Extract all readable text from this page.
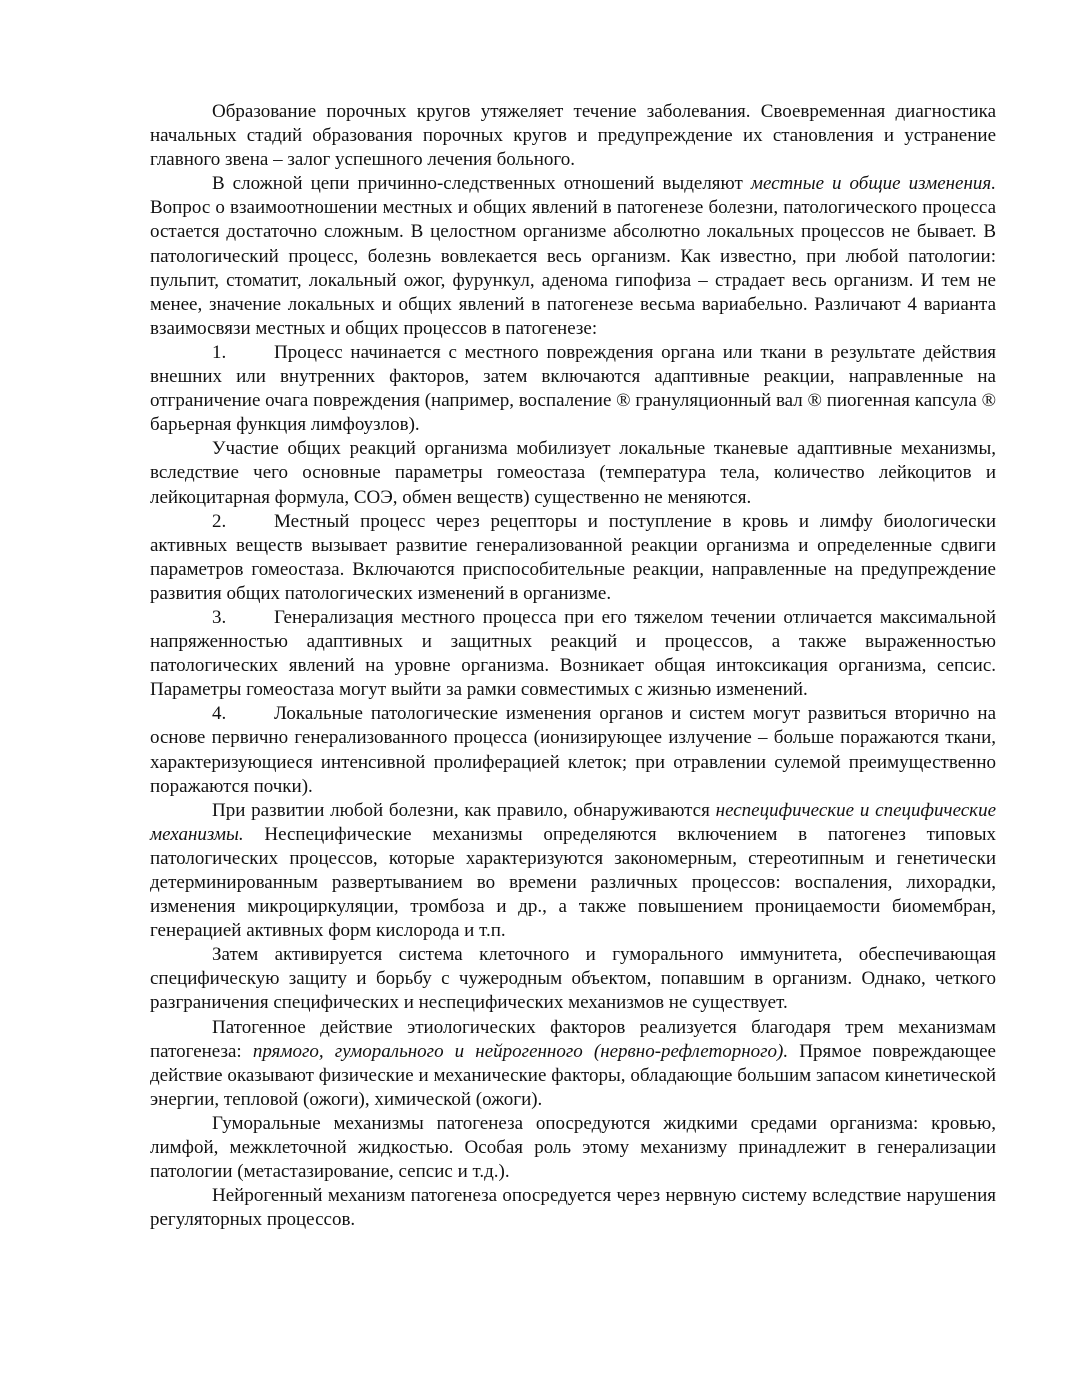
Образование порочных кругов утяжеляет течение заболевания. Своевременная диагностика начальных стадий образования порочных кругов и предупреждение их становления и устранение главного звена – залог успешного лечения больного.

В сложной цепи причинно-следственных отношений выделяют местные и общие изменения. Вопрос о взаимоотношении местных и общих явлений в патогенезе болезни, патологического процесса остается достаточно сложным. В целостном организме абсолютно локальных процессов не бывает. В патологический процесс, болезнь вовлекается весь организм. Как известно, при любой патологии: пульпит, стоматит, локальный ожог, фурункул, аденома гипофиза – страдает весь организм. И тем не менее, значение локальных и общих явлений в патогенезе весьма вариабельно. Различают 4 варианта взаимосвязи местных и общих процессов в патогенезе:

1.	Процесс начинается с местного повреждения органа или ткани в результате действия внешних или внутренних факторов, затем включаются адаптивные реакции, направленные на отграничение очага повреждения (например, воспаление ® грануляционный вал ® пиогенная капсула ® барьерная функция лимфоузлов).

Участие общих реакций организма мобилизует локальные тканевые адаптивные механизмы, вследствие чего основные параметры гомеостаза (температура тела, количество лейкоцитов и лейкоцитарная формула, СОЭ, обмен веществ) существенно не меняются.

2.	Местный процесс через рецепторы и поступление в кровь и лимфу биологически активных веществ вызывает развитие генерализованной реакции организма и определенные сдвиги параметров гомеостаза. Включаются приспособительные реакции, направленные на предупреждение развития общих патологических изменений в организме.

3.	Генерализация местного процесса при его тяжелом течении отличается максимальной напряженностью адаптивных и защитных реакций и процессов, а также выраженностью патологических явлений на уровне организма. Возникает общая интоксикация организма, сепсис. Параметры гомеостаза могут выйти за рамки совместимых с жизнью изменений.

4.	Локальные патологические изменения органов и систем могут развиться вторично на основе первично генерализованного процесса (ионизирующее излучение – больше поражаются ткани, характеризующиеся интенсивной пролиферацией клеток; при отравлении сулемой преимущественно поражаются почки).

При развитии любой болезни, как правило, обнаруживаются неспецифические и специфические механизмы. Неспецифические механизмы определяются включением в патогенез типовых патологических процессов, которые характеризуются закономерным, стереотипным и генетически детерминированным развертыванием во времени различных процессов: воспаления, лихорадки, изменения микроциркуляции, тромбоза и др., а также повышением проницаемости биомембран, генерацией активных форм кислорода и т.п.

Затем активируется система клеточного и гуморального иммунитета, обеспечивающая специфическую защиту и борьбу с чужеродным объектом, попавшим в организм. Однако, четкого разграничения специфических и неспецифических механизмов не существует.

Патогенное действие этиологических факторов реализуется благодаря трем механизмам патогенеза: прямого, гуморального и нейрогенного (нервно-рефлеторного). Прямое повреждающее действие оказывают физические и механические факторы, обладающие большим запасом кинетической энергии, тепловой (ожоги), химической (ожоги).

Гуморальные механизмы патогенеза опосредуются жидкими средами организма: кровью, лимфой, межклеточной жидкостью. Особая роль этому механизму принадлежит в генерализации патологии (метастазирование, сепсис и т.д.).

Нейрогенный механизм патогенеза опосредуется через нервную систему вследствие нарушения регуляторных процессов.
